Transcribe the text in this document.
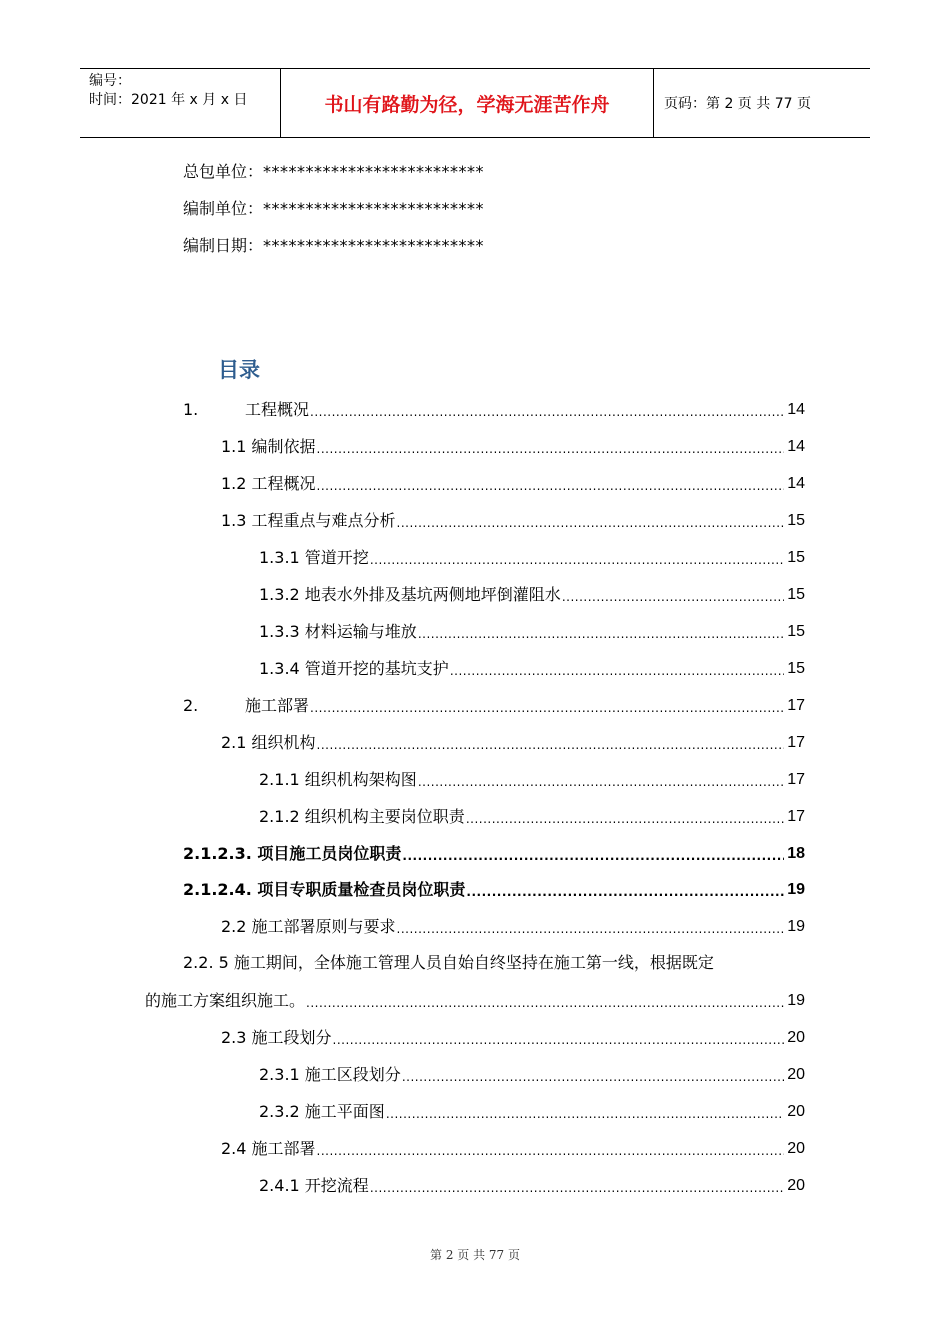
编号：
时间：2021 年 x 月 x 日	书山有路勤为径，学海无涯苦作舟	页码：第 2 页 共 77 页
总包单位：**************************
编制单位：**************************
编制日期：**************************
目录
1.	工程概况 .....	14
1.1 编制依据 .....	14
1.2 工程概况 .....	14
1.3 工程重点与难点分析 .....	15
1.3.1 管道开挖 .....	15
1.3.2 地表水外排及基坑两侧地坪倒灌阻水 .....	15
1.3.3 材料运输与堆放 .....	15
1.3.4 管道开挖的基坑支护 .....	15
2.	施工部署 .....	17
2.1 组织机构 .....	17
2.1.1 组织机构架构图 .....	17
2.1.2 组织机构主要岗位职责 .....	17
2.1.2.3. 项目施工员岗位职责 .....	18
2.1.2.4. 项目专职质量检查员岗位职责 .....	19
2.2 施工部署原则与要求 .....	19
2.2. 5 施工期间，全体施工管理人员自始自终坚持在施工第一线，根据既定
的施工方案组织施工。 .....	19
2.3 施工段划分 .....	20
2.3.1 施工区段划分 .....	20
2.3.2 施工平面图 .....	20
2.4 施工部署 .....	20
2.4.1 开挖流程 .....	20
第 2 页 共 77 页
